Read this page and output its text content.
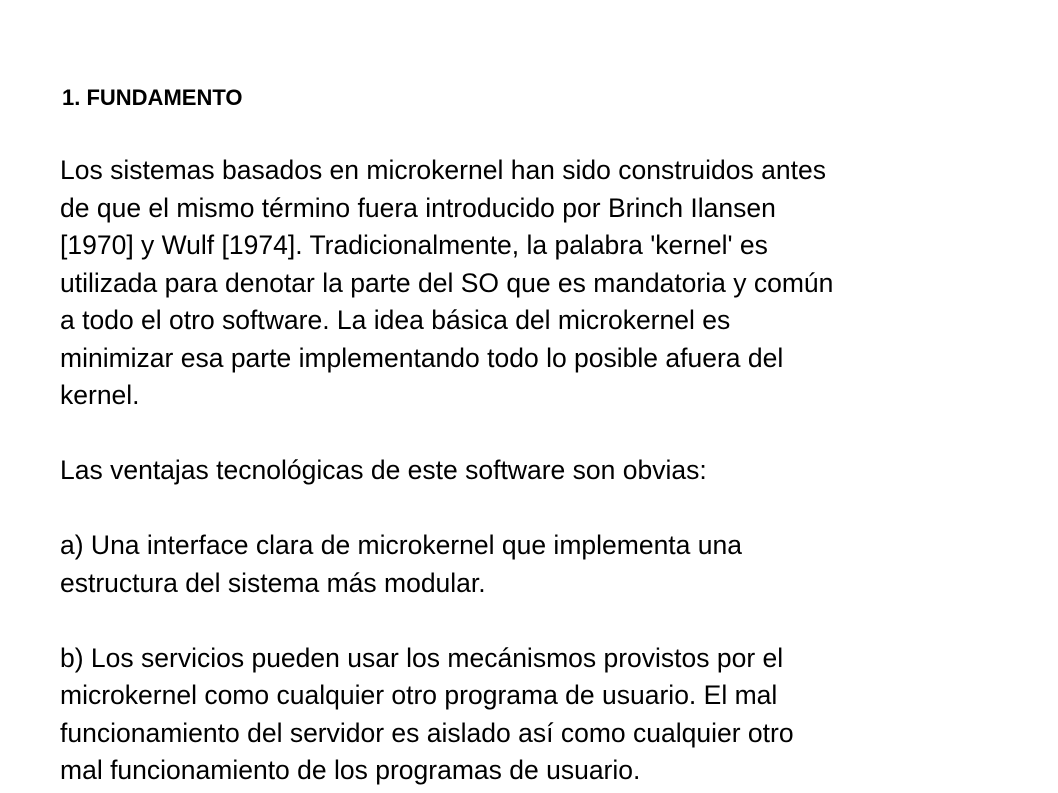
1. FUNDAMENTO
Los sistemas basados en microkernel han sido construidos antes
de que el mismo término fuera introducido por Brinch Ilansen
[1970] y Wulf [1974]. Tradicionalmente, la palabra 'kernel' es
utilizada para denotar la parte del SO que es mandatoria y común
a todo el otro software. La idea básica del microkernel es
minimizar esa parte implementando todo lo posible afuera del
kernel.
Las ventajas tecnológicas de este software son obvias:
a) Una interface clara de microkernel que implementa una
estructura del sistema más modular.
b) Los servicios pueden usar los mecánismos provistos por el
microkernel como cualquier otro programa de usuario. El mal
funcionamiento del servidor es aislado así como cualquier otro
mal funcionamiento de los programas de usuario.
